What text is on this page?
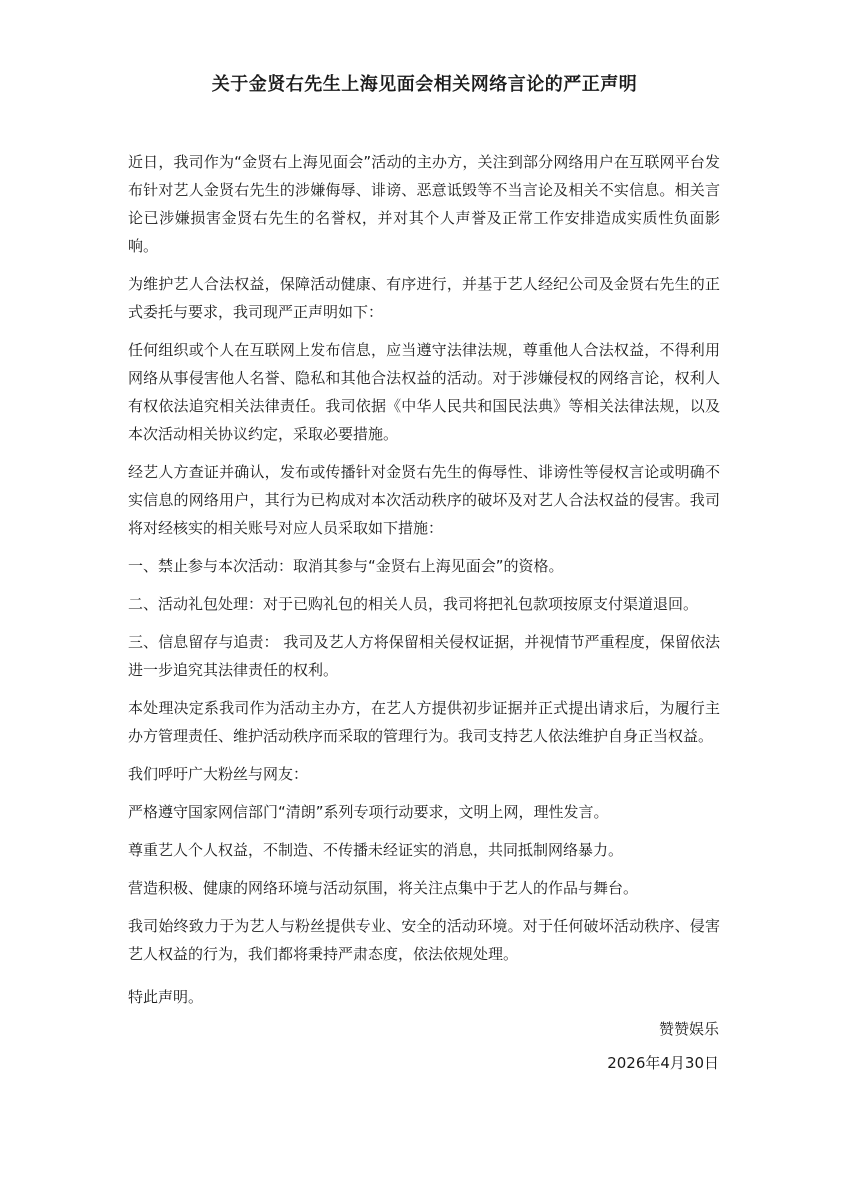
关于金贤右先生上海见面会相关网络言论的严正声明

近日，我司作为“金贤右上海见面会”活动的主办方，关注到部分网络用户在互联网平台发布针对艺人金贤右先生的涉嫌侮辱、诽谤、恶意诋毁等不当言论及相关不实信息。相关言论已涉嫌损害金贤右先生的名誉权，并对其个人声誉及正常工作安排造成实质性负面影响。

为维护艺人合法权益，保障活动健康、有序进行，并基于艺人经纪公司及金贤右先生的正式委托与要求，我司现严正声明如下：

任何组织或个人在互联网上发布信息，应当遵守法律法规，尊重他人合法权益，不得利用网络从事侵害他人名誉、隐私和其他合法权益的活动。对于涉嫌侵权的网络言论，权利人有权依法追究相关法律责任。我司依据《中华人民共和国民法典》等相关法律法规，以及本次活动相关协议约定，采取必要措施。

经艺人方查证并确认，发布或传播针对金贤右先生的侮辱性、诽谤性等侵权言论或明确不实信息的网络用户，其行为已构成对本次活动秩序的破坏及对艺人合法权益的侵害。我司将对经核实的相关账号对应人员采取如下措施：

一、禁止参与本次活动：取消其参与“金贤右上海见面会”的资格。

二、活动礼包处理：对于已购礼包的相关人员，我司将把礼包款项按原支付渠道退回。

三、信息留存与追责： 我司及艺人方将保留相关侵权证据，并视情节严重程度，保留依法进一步追究其法律责任的权利。

本处理决定系我司作为活动主办方，在艺人方提供初步证据并正式提出请求后，为履行主办方管理责任、维护活动秩序而采取的管理行为。我司支持艺人依法维护自身正当权益。

我们呼吁广大粉丝与网友：

严格遵守国家网信部门“清朗”系列专项行动要求，文明上网，理性发言。

尊重艺人个人权益，不制造、不传播未经证实的消息，共同抵制网络暴力。

营造积极、健康的网络环境与活动氛围，将关注点集中于艺人的作品与舞台。

我司始终致力于为艺人与粉丝提供专业、安全的活动环境。对于任何破坏活动秩序、侵害艺人权益的行为，我们都将秉持严肃态度，依法依规处理。

特此声明。
赞赞娱乐
2026年4月30日
